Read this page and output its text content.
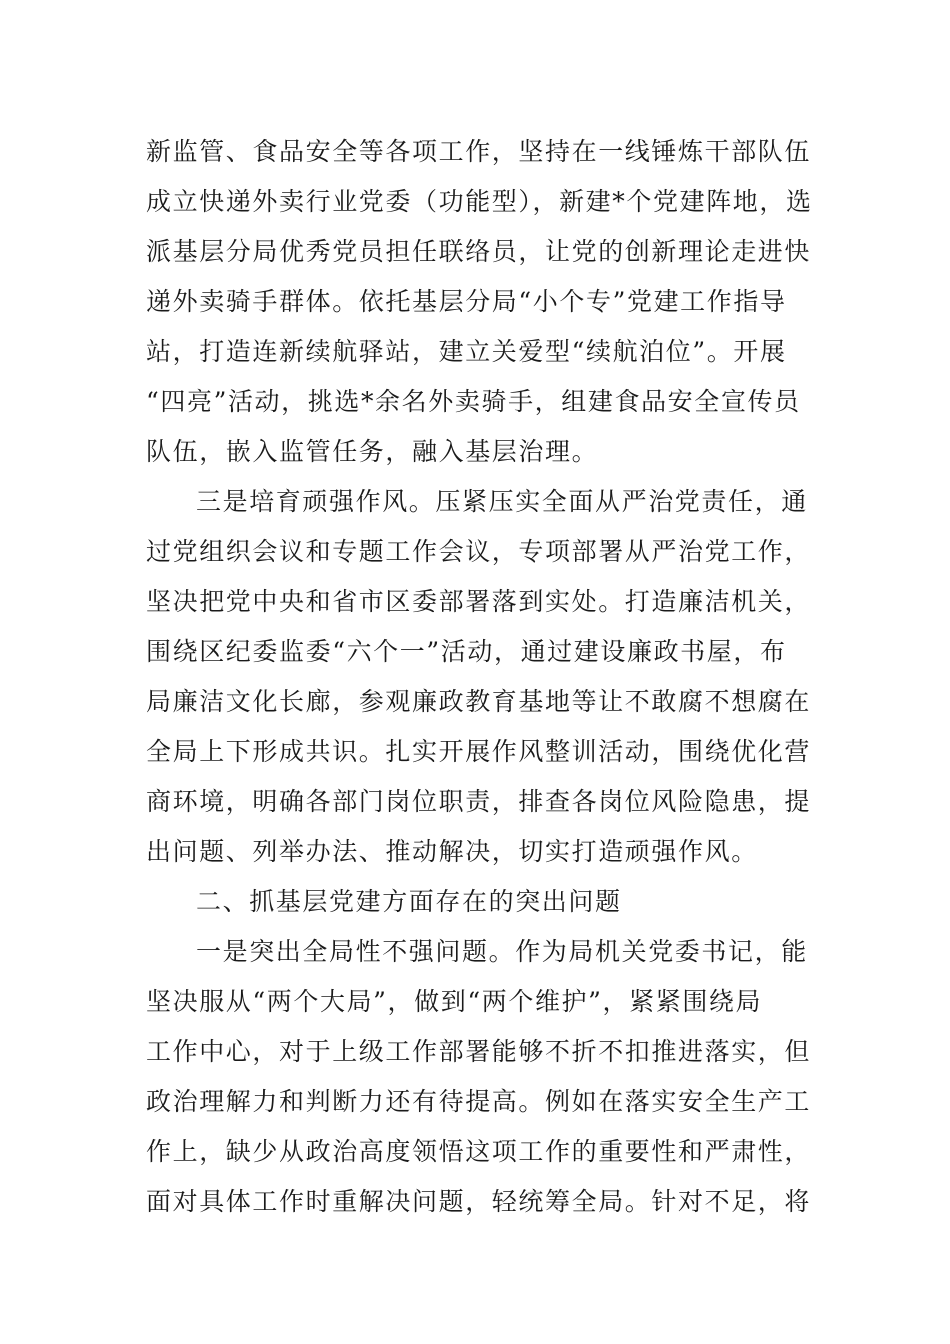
新监管、食品安全等各项工作，坚持在一线锤炼干部队伍
成立快递外卖行业党委（功能型），新建*个党建阵地，选
派基层分局优秀党员担任联络员，让党的创新理论走进快
递外卖骑手群体。依托基层分局“小个专”党建工作指导
站，打造连新续航驿站，建立关爱型“续航泊位”。开展
“四亮”活动，挑选*余名外卖骑手，组建食品安全宣传员
队伍，嵌入监管任务，融入基层治理。
三是培育顽强作风。压紧压实全面从严治党责任，通
过党组织会议和专题工作会议，专项部署从严治党工作，
坚决把党中央和省市区委部署落到实处。打造廉洁机关，
围绕区纪委监委“六个一”活动，通过建设廉政书屋，布
局廉洁文化长廊，参观廉政教育基地等让不敢腐不想腐在
全局上下形成共识。扎实开展作风整训活动，围绕优化营
商环境，明确各部门岗位职责，排查各岗位风险隐患，提
出问题、列举办法、推动解决，切实打造顽强作风。
二、抓基层党建方面存在的突出问题
一是突出全局性不强问题。作为局机关党委书记，能
坚决服从“两个大局”，做到“两个维护”，紧紧围绕局
工作中心，对于上级工作部署能够不折不扣推进落实，但
政治理解力和判断力还有待提高。例如在落实安全生产工
作上，缺少从政治高度领悟这项工作的重要性和严肃性，
面对具体工作时重解决问题，轻统筹全局。针对不足，将
